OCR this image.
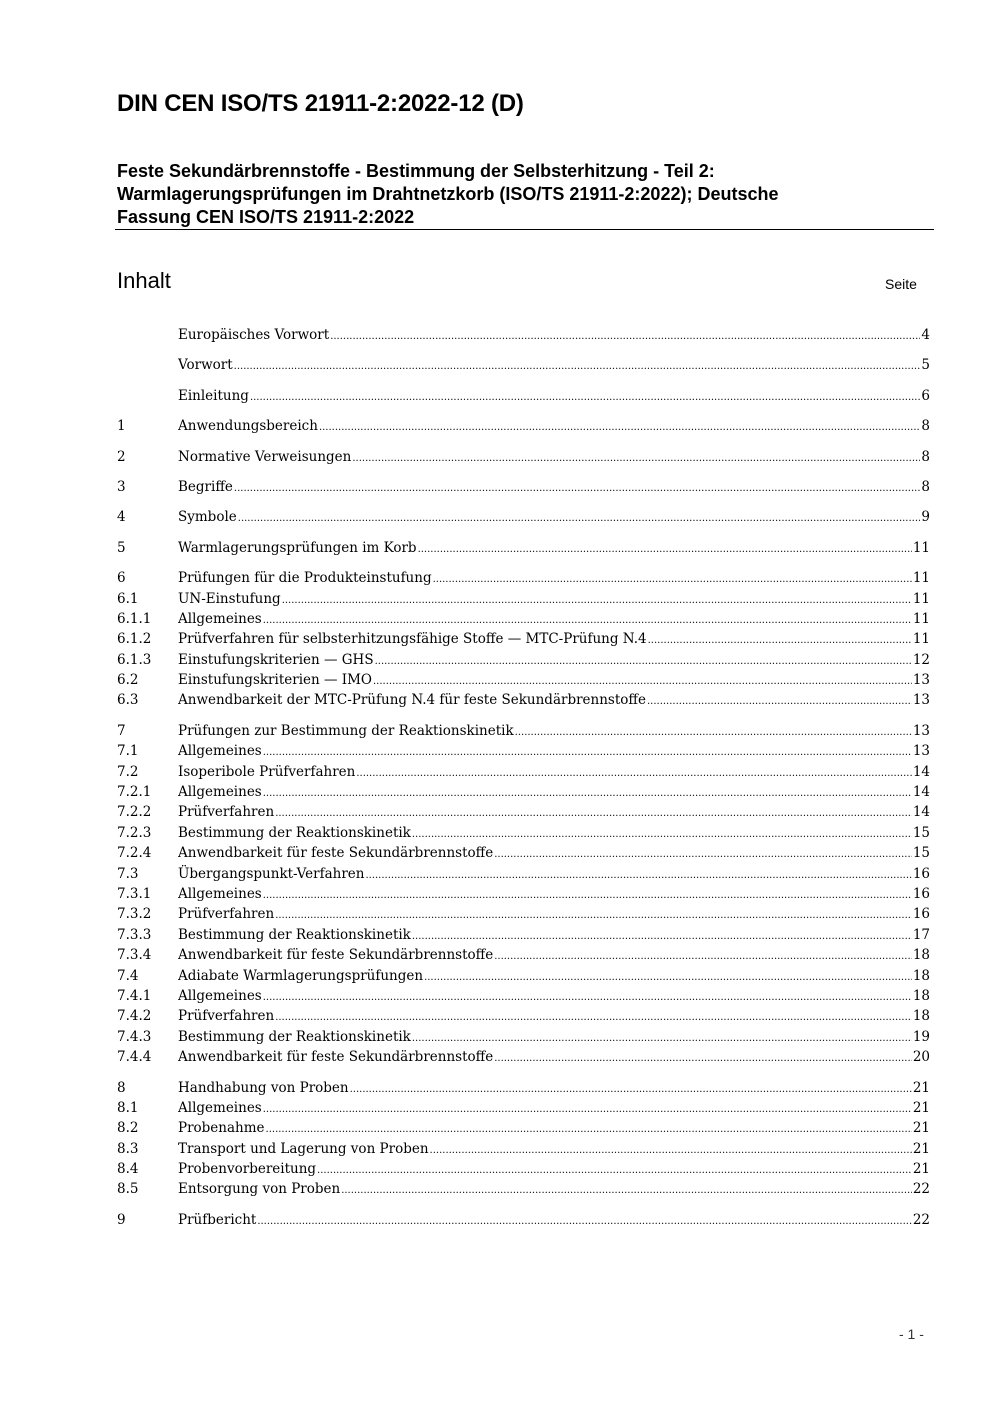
DIN CEN ISO/TS 21911-2:2022-12 (D)
Feste Sekundärbrennstoffe - Bestimmung der Selbsterhitzung - Teil 2:
Warmlagerungsprüfungen im Drahtnetzkorb (ISO/TS 21911-2:2022); Deutsche
Fassung CEN ISO/TS 21911-2:2022
Inhalt	Seite
Europäisches Vorwort .....	4
Vorwort .....	5
Einleitung .....	6
1	Anwendungsbereich .....	8
2	Normative Verweisungen .....	8
3	Begriffe .....	8
4	Symbole .....	9
5	Warmlagerungsprüfungen im Korb .....	11
6	Prüfungen für die Produkteinstufung .....	11
6.1	UN-Einstufung .....	11
6.1.1	Allgemeines .....	11
6.1.2	Prüfverfahren für selbsterhitzungsfähige Stoffe — MTC-Prüfung N.4 .....	11
6.1.3	Einstufungskriterien — GHS .....	12
6.2	Einstufungskriterien — IMO .....	13
6.3	Anwendbarkeit der MTC-Prüfung N.4 für feste Sekundärbrennstoffe .....	13
7	Prüfungen zur Bestimmung der Reaktionskinetik .....	13
7.1	Allgemeines .....	13
7.2	Isoperibole Prüfverfahren .....	14
7.2.1	Allgemeines .....	14
7.2.2	Prüfverfahren .....	14
7.2.3	Bestimmung der Reaktionskinetik .....	15
7.2.4	Anwendbarkeit für feste Sekundärbrennstoffe .....	15
7.3	Übergangspunkt-Verfahren .....	16
7.3.1	Allgemeines .....	16
7.3.2	Prüfverfahren .....	16
7.3.3	Bestimmung der Reaktionskinetik .....	17
7.3.4	Anwendbarkeit für feste Sekundärbrennstoffe .....	18
7.4	Adiabate Warmlagerungsprüfungen .....	18
7.4.1	Allgemeines .....	18
7.4.2	Prüfverfahren .....	18
7.4.3	Bestimmung der Reaktionskinetik .....	19
7.4.4	Anwendbarkeit für feste Sekundärbrennstoffe .....	20
8	Handhabung von Proben .....	21
8.1	Allgemeines .....	21
8.2	Probenahme .....	21
8.3	Transport und Lagerung von Proben .....	21
8.4	Probenvorbereitung .....	21
8.5	Entsorgung von Proben .....	22
9	Prüfbericht .....	22
- 1 -
